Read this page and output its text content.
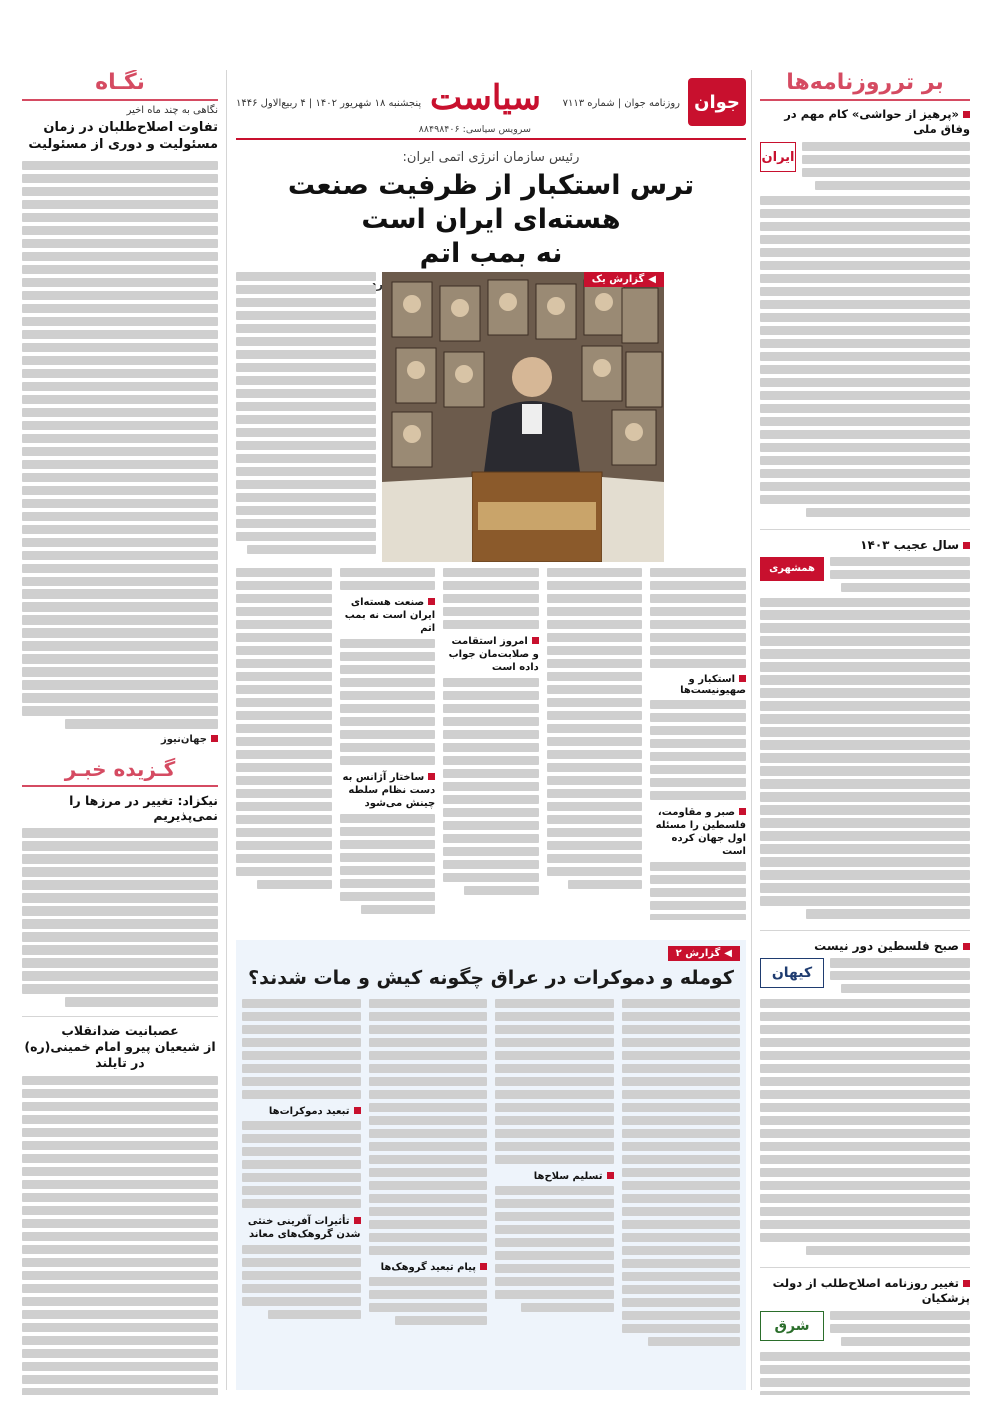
بر ترروزنامه‌ها
«پرهیز از حواشی» کام مهم در وفاق ملی
ایران
سال عجیب ۱۴۰۳
همشهری
صبح فلسطین دور نیست
کیهان
تغییر روزنامه اصلاح‌طلب از دولت پزشکیان
شرق
نگـاه
نگاهی به چند ماه اخیر
تفاوت اصلاح‌طلبان در زمان مسئولیت و دوری از مسئولیت
جهان‌نیوز
گـزیده خبـر
نیکزاد: تغییر در مرزها را نمی‌پذیریم
عصبانیت ضدانقلاب
از شیعیان پیرو امام خمینی(ره) در تایلند
جوان
روزنامه جوان | شماره ۷۱۱۳
سیاست
سرویس سیاسی: ۸۸۴۹۸۴۰۶
پنجشنبه ۱۸ شهریور ۱۴۰۲ | ۴ ربیع‌الاول ۱۴۴۶
رئیس سازمان انرژی اتمی ایران:
ترس استکبار از ظرفیت صنعت هسته‌ای ایران است
نه بمب اتم
◀
گزارش یک
استکبار و صهیونیست‌ها
صبر و مقاومت، فلسطین را مسئله اول جهان کرده است
امروز استقامت و صلابت‌مان جواب داده است
صنعت هسته‌ای ایران است نه بمب اتم
ساختار آژانس به دست نظام سلطه چینش می‌شود
◀
گزارش ۲
کومله و دموکرات در عراق چگونه کیش و مات شدند؟
تسلیم سلاح‌ها
پیام تبعید گروهک‌ها
تبعید دموکرات‌ها
تأثیرات آفرینی خنثی شدن گروهک‌های معاند
